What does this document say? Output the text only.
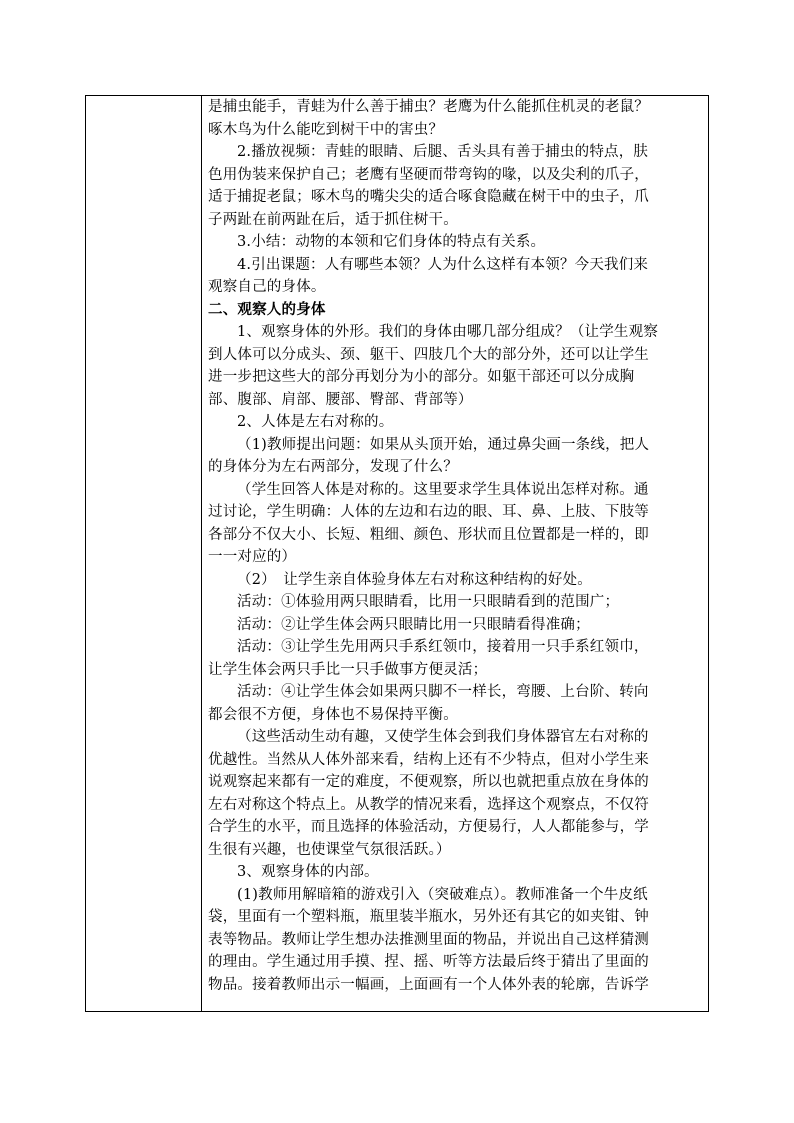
是捕虫能手，青蛙为什么善于捕虫？老鹰为什么能抓住机灵的老鼠？
啄木鸟为什么能吃到树干中的害虫？
2.播放视频：青蛙的眼睛、后腿、舌头具有善于捕虫的特点，肤
色用伪装来保护自己；老鹰有坚硬而带弯钩的喙，以及尖利的爪子，
适于捕捉老鼠；啄木鸟的嘴尖尖的适合啄食隐藏在树干中的虫子，爪
子两趾在前两趾在后，适于抓住树干。
3.小结：动物的本领和它们身体的特点有关系。
4.引出课题：人有哪些本领？人为什么这样有本领？今天我们来
观察自己的身体。
二、观察人的身体
1、观察身体的外形。我们的身体由哪几部分组成？（让学生观察
到人体可以分成头、颈、躯干、四肢几个大的部分外，还可以让学生
进一步把这些大的部分再划分为小的部分。如躯干部还可以分成胸
部、腹部、肩部、腰部、臀部、背部等）
2、人体是左右对称的。
（1)教师提出问题：如果从头顶开始，通过鼻尖画一条线，把人
的身体分为左右两部分，发现了什么？
（学生回答人体是对称的。这里要求学生具体说出怎样对称。通
过讨论，学生明确：人体的左边和右边的眼、耳、鼻、上肢、下肢等
各部分不仅大小、长短、粗细、颜色、形状而且位置都是一样的，即
一一对应的）
（2）　让学生亲自体验身体左右对称这种结构的好处。
活动：①体验用两只眼睛看，比用一只眼睛看到的范围广；
活动：②让学生体会两只眼睛比用一只眼睛看得准确；
活动：③让学生先用两只手系红领巾，接着用一只手系红领巾，
让学生体会两只手比一只手做事方便灵活；
活动：④让学生体会如果两只脚不一样长，弯腰、上台阶、转向
都会很不方便，身体也不易保持平衡。
（这些活动生动有趣，又使学生体会到我们身体器官左右对称的
优越性。当然从人体外部来看，结构上还有不少特点，但对小学生来
说观察起来都有一定的难度，不便观察，所以也就把重点放在身体的
左右对称这个特点上。从教学的情况来看，选择这个观察点，不仅符
合学生的水平，而且选择的体验活动，方便易行，人人都能参与，学
生很有兴趣，也使课堂气氛很活跃。）
3、观察身体的内部。
(1)教师用解暗箱的游戏引入（突破难点）。教师准备一个牛皮纸
袋，里面有一个塑料瓶，瓶里装半瓶水，另外还有其它的如夹钳、钟
表等物品。教师让学生想办法推测里面的物品，并说出自己这样猜测
的理由。学生通过用手摸、捏、摇、听等方法最后终于猜出了里面的
物品。接着教师出示一幅画，上面画有一个人体外表的轮廓，告诉学
